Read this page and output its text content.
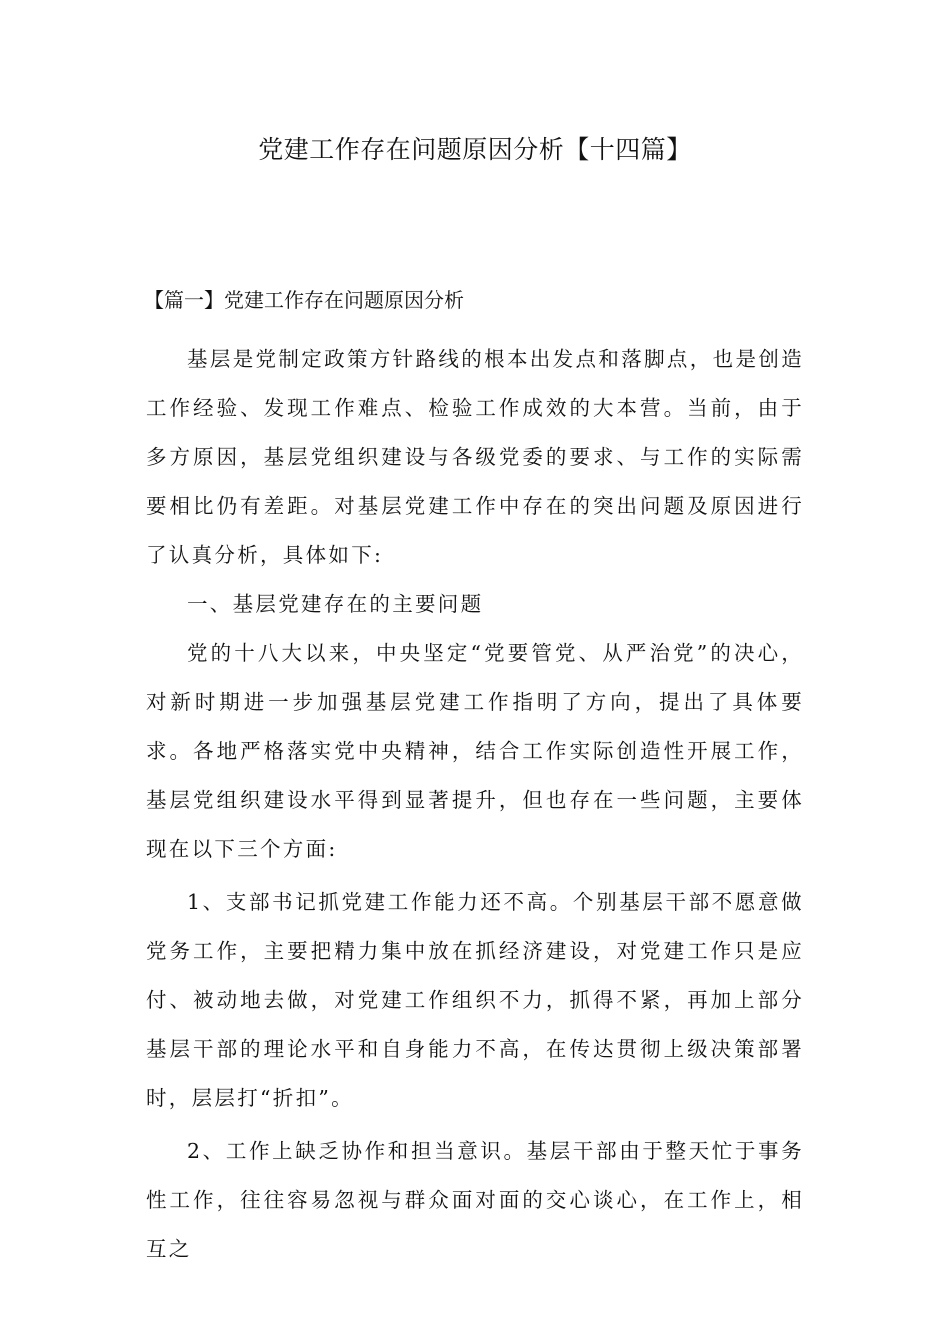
党建工作存在问题原因分析【十四篇】
【篇一】党建工作存在问题原因分析

基层是党制定政策方针路线的根本出发点和落脚点，也是创造工作经验、发现工作难点、检验工作成效的大本营。当前，由于多方原因，基层党组织建设与各级党委的要求、与工作的实际需要相比仍有差距。对基层党建工作中存在的突出问题及原因进行了认真分析，具体如下:

一、基层党建存在的主要问题

党的十八大以来，中央坚定“党要管党、从严治党”的决心，对新时期进一步加强基层党建工作指明了方向，提出了具体要求。各地严格落实党中央精神，结合工作实际创造性开展工作，基层党组织建设水平得到显著提升，但也存在一些问题，主要体现在以下三个方面:

1、支部书记抓党建工作能力还不高。个别基层干部不愿意做党务工作，主要把精力集中放在抓经济建设，对党建工作只是应付、被动地去做，对党建工作组织不力，抓得不紧，再加上部分基层干部的理论水平和自身能力不高，在传达贯彻上级决策部署时，层层打“折扣”。

2、工作上缺乏协作和担当意识。基层干部由于整天忙于事务性工作，往往容易忽视与群众面对面的交心谈心，在工作上，相互之
